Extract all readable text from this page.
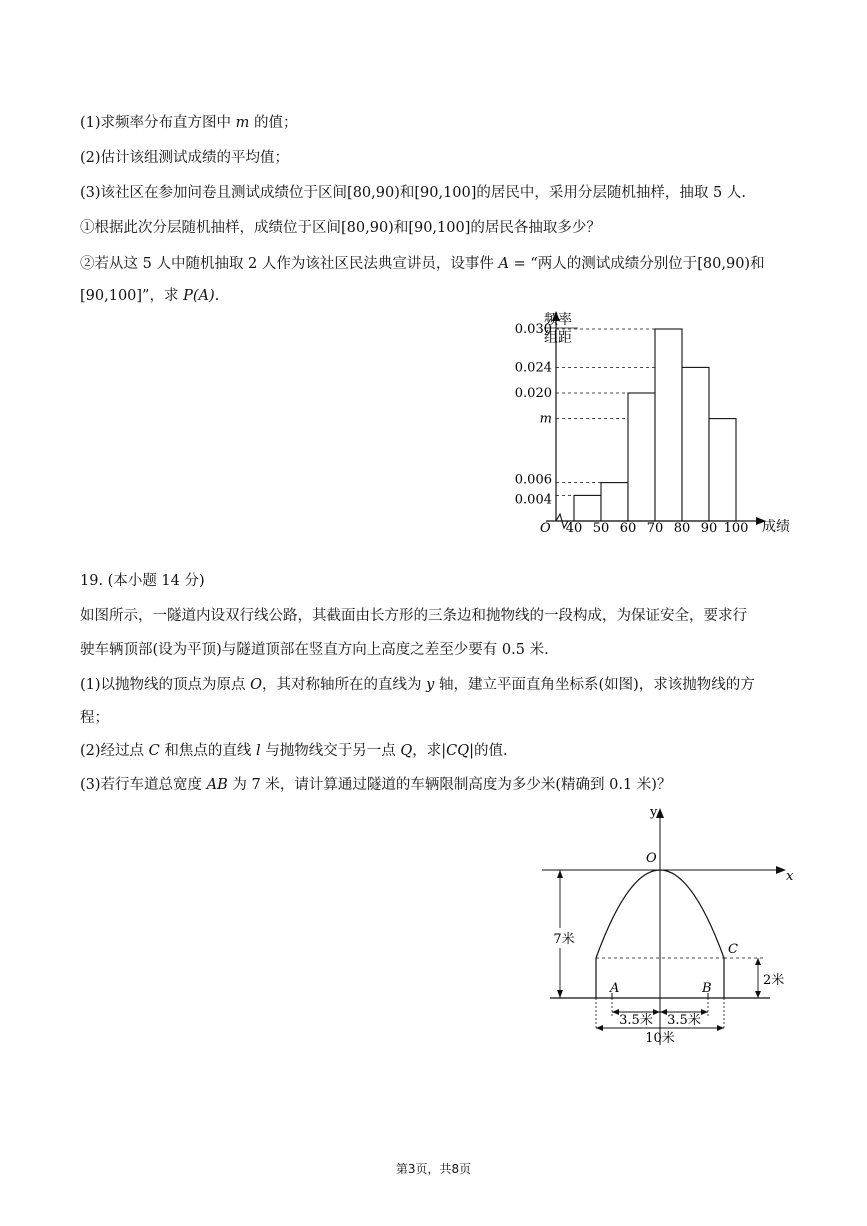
(1)求频率分布直方图中 m 的值；
(2)估计该组测试成绩的平均值；
(3)该社区在参加问卷且测试成绩位于区间[80,90)和[90,100]的居民中，采用分层随机抽样，抽取 5 人.
①根据此次分层随机抽样，成绩位于区间[80,90)和[90,100]的居民各抽取多少？
②若从这 5 人中随机抽取 2 人作为该社区民法典宣讲员，设事件 A = “两人的测试成绩分别位于[80,90)和
[90,100]”，求 P(A).
频率
组距
成绩
O
0.030
0.024
0.020
m
0.006
0.004
40 50 60 70 80 90 100
19. (本小题 14 分)
如图所示，一隧道内设双行线公路，其截面由长方形的三条边和抛物线的一段构成，为保证安全，要求行
驶车辆顶部(设为平顶)与隧道顶部在竖直方向上高度之差至少要有 0.5 米.
(1)以抛物线的顶点为原点 O，其对称轴所在的直线为 y 轴，建立平面直角坐标系(如图)，求该抛物线的方
程；
(2)经过点 C 和焦点的直线 l 与抛物线交于另一点 Q，求|CQ|的值.
(3)若行车道总宽度 AB 为 7 米，请计算通过隧道的车辆限制高度为多少米(精确到 0.1 米)？
y
x
O
A	B
C
7米
2米
3.5米 3.5米
10米
第3页，共8页
